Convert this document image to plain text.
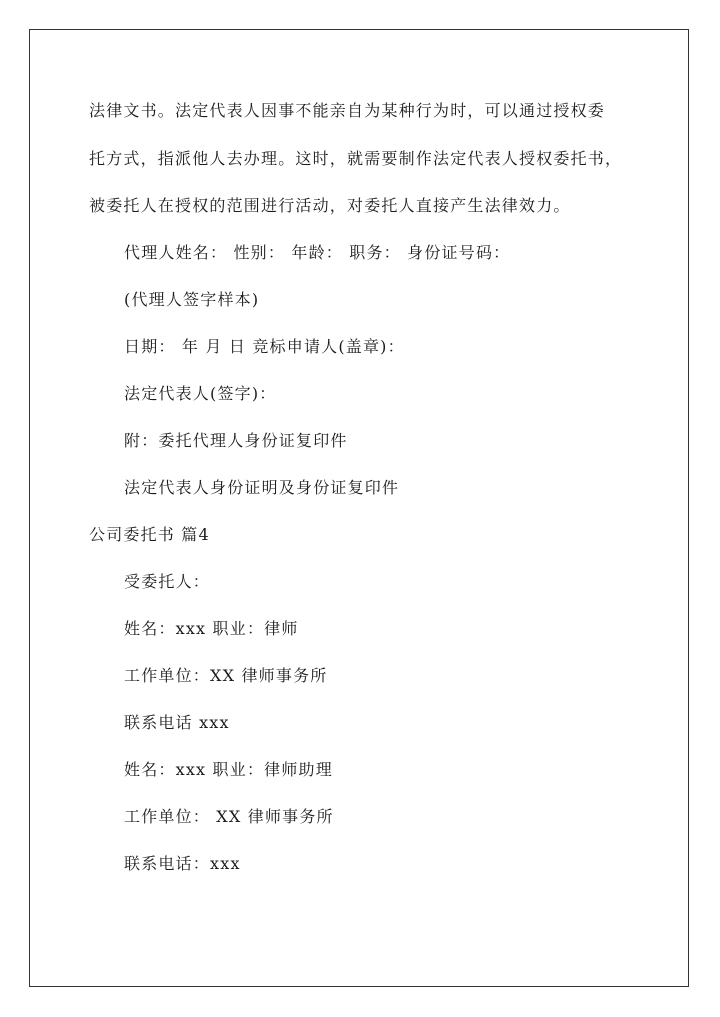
法律文书。法定代表人因事不能亲自为某种行为时，可以通过授权委
托方式，指派他人去办理。这时，就需要制作法定代表人授权委托书，
被委托人在授权的范围进行活动，对委托人直接产生法律效力。
代理人姓名： 性别： 年龄： 职务： 身份证号码：
(代理人签字样本)
日期： 年 月 日 竞标申请人(盖章)：
法定代表人(签字)：
附：委托代理人身份证复印件
法定代表人身份证明及身份证复印件
公司委托书 篇4
受委托人：
姓名：xxx 职业：律师
工作单位：XX 律师事务所
联系电话 xxx
姓名：xxx 职业：律师助理
工作单位： XX 律师事务所
联系电话：xxx
